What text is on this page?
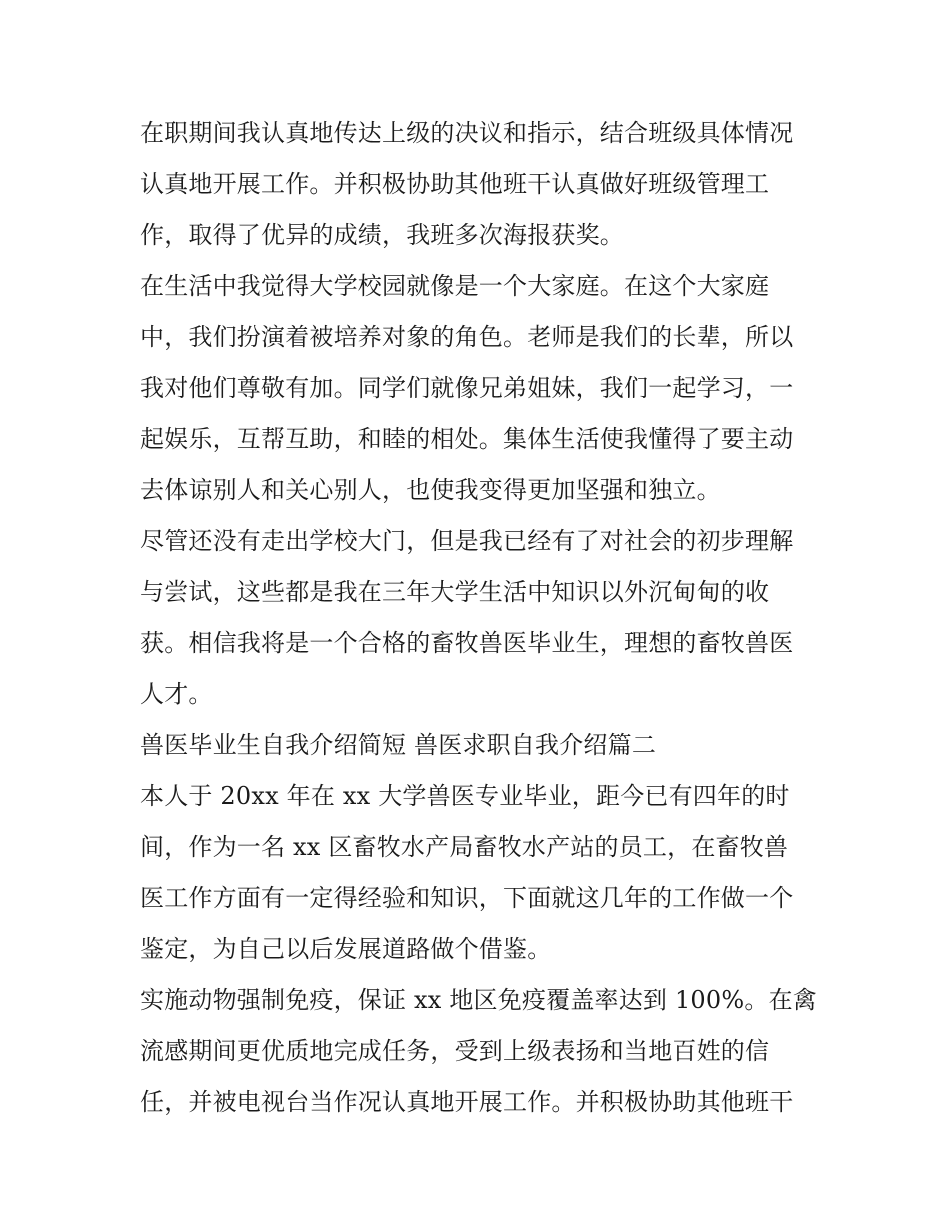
在职期间我认真地传达上级的决议和指示，结合班级具体情况
认真地开展工作。并积极协助其他班干认真做好班级管理工
作，取得了优异的成绩，我班多次海报获奖。
在生活中我觉得大学校园就像是一个大家庭。在这个大家庭
中，我们扮演着被培养对象的角色。老师是我们的长辈，所以
我对他们尊敬有加。同学们就像兄弟姐妹，我们一起学习，一
起娱乐，互帮互助，和睦的相处。集体生活使我懂得了要主动
去体谅别人和关心别人，也使我变得更加坚强和独立。
尽管还没有走出学校大门，但是我已经有了对社会的初步理解
与尝试，这些都是我在三年大学生活中知识以外沉甸甸的收
获。相信我将是一个合格的畜牧兽医毕业生，理想的畜牧兽医
人才。
兽医毕业生自我介绍简短 兽医求职自我介绍篇二
本人于 20xx 年在 xx 大学兽医专业毕业，距今已有四年的时
间，作为一名 xx 区畜牧水产局畜牧水产站的员工，在畜牧兽
医工作方面有一定得经验和知识，下面就这几年的工作做一个
鉴定，为自己以后发展道路做个借鉴。
实施动物强制免疫，保证 xx 地区免疫覆盖率达到 100%。在禽
流感期间更优质地完成任务，受到上级表扬和当地百姓的信
任，并被电视台当作况认真地开展工作。并积极协助其他班干
